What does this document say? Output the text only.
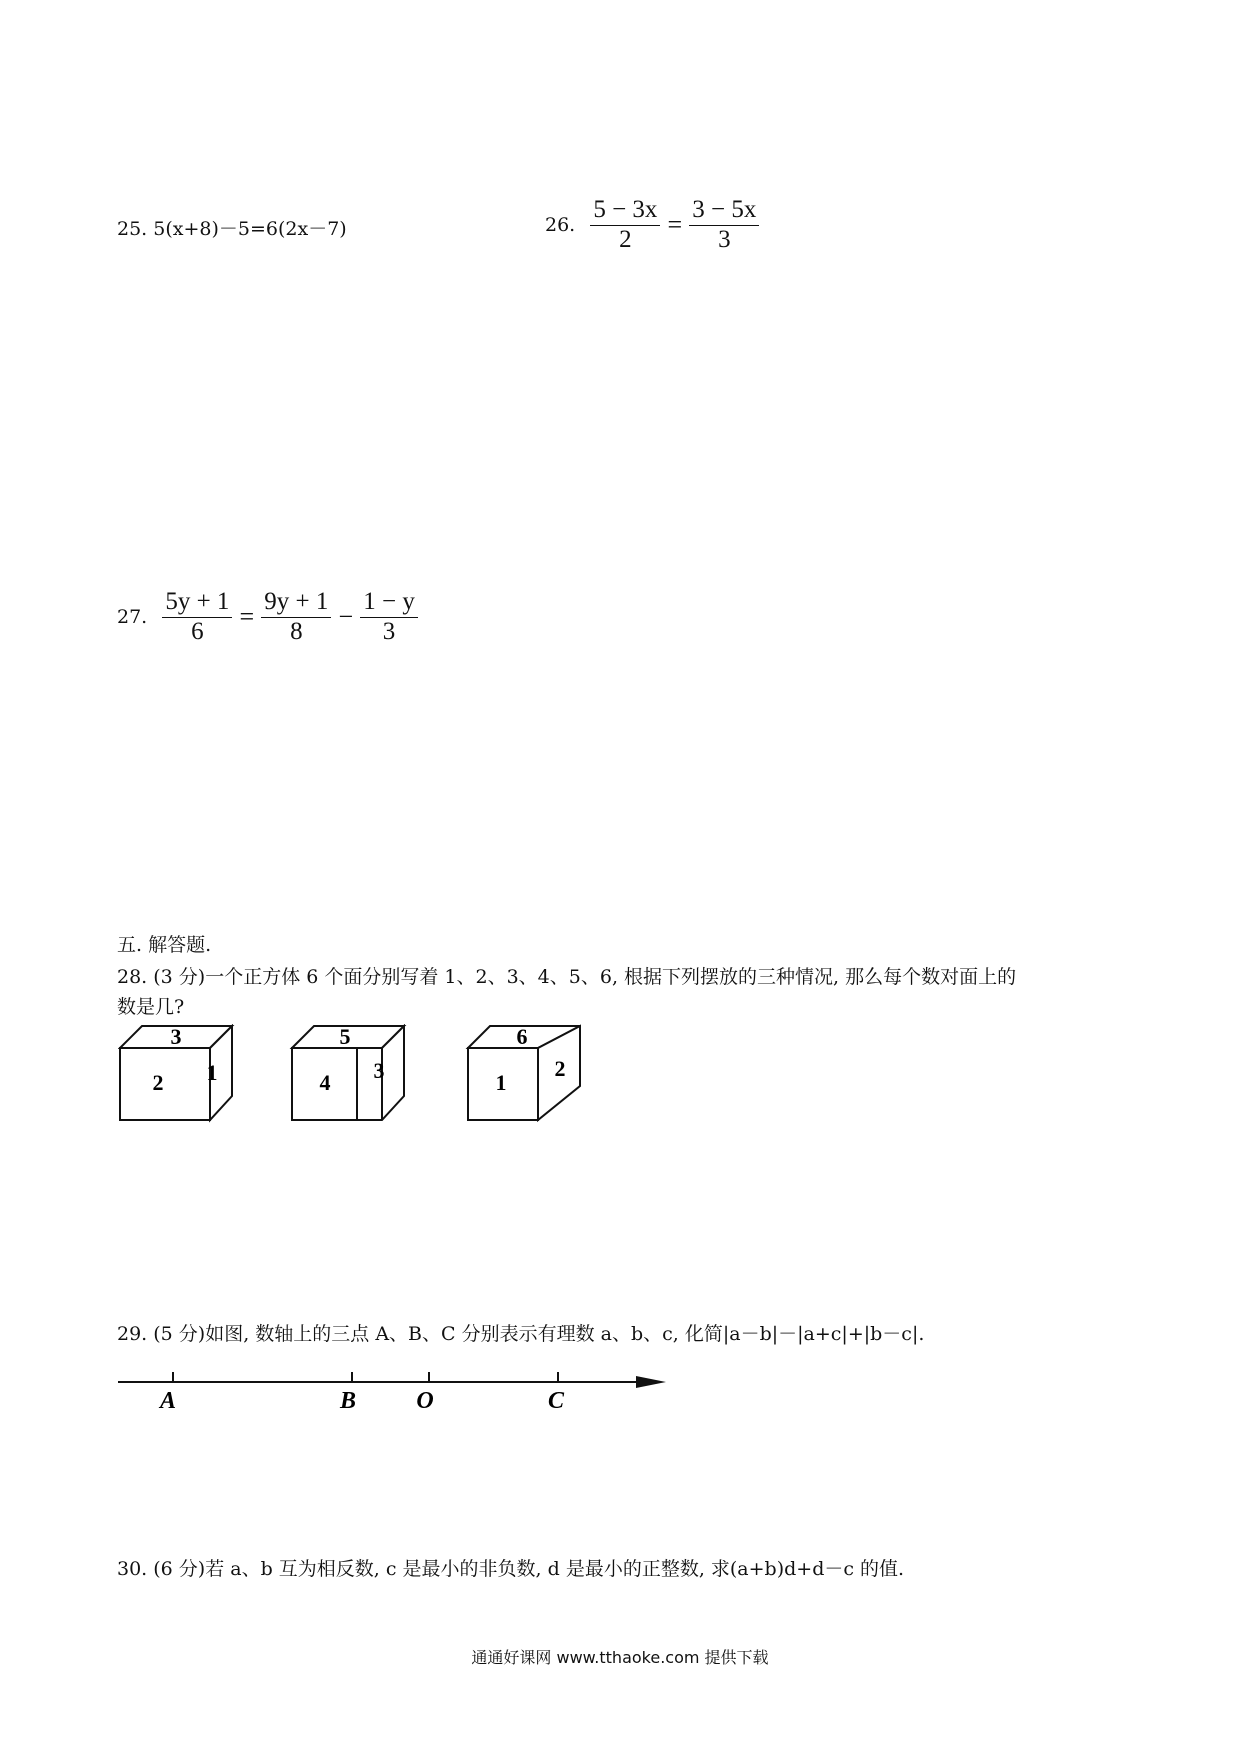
25. 5(x+8)－5=6(2x－7)	26. $\frac{5 - 3x}{2} = \frac{3 - 5x}{3}$
27. $\frac{5y + 1}{6} = \frac{9y + 1}{8} - \frac{1 - y}{3}$
五. 解答题.
28. (3 分)一个正方体 6 个面分别写着 1、2、3、4、5、6, 根据下列摆放的三种情况, 那么每个数对面上的
数是几?
3
2 1
5
4 3
6
1
2
29. (5 分)如图, 数轴上的三点 A、B、C 分别表示有理数 a、b、c, 化简|a－b|－|a+c|+|b－c|.
A	B	O	C
30. (6 分)若 a、b 互为相反数, c 是最小的非负数, d 是最小的正整数, 求(a+b)d+d－c 的值.
通通好课网 www.tthaoke.com 提供下载
